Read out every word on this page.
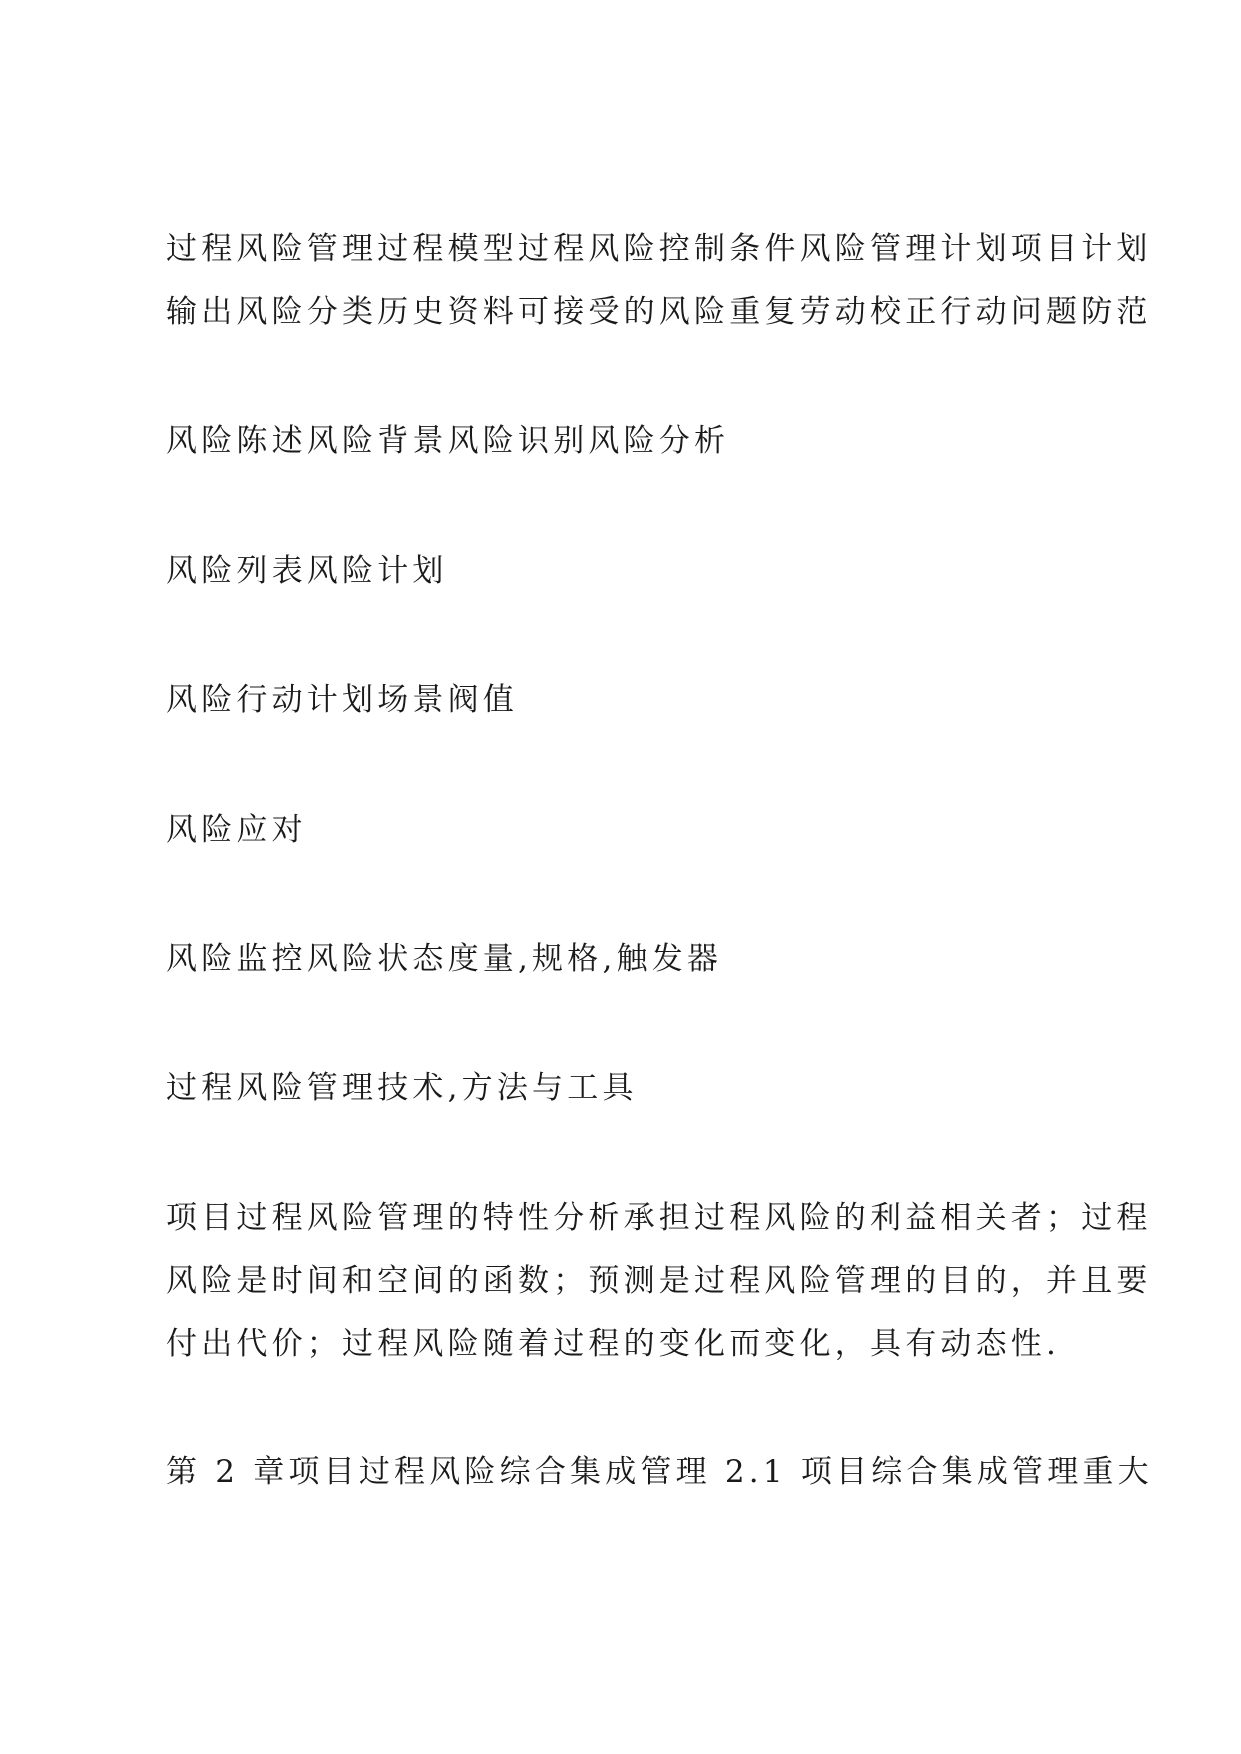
过程风险管理过程模型过程风险控制条件风险管理计划项目计划
输出风险分类历史资料可接受的风险重复劳动校正行动问题防范

风险陈述风险背景风险识别风险分析

风险列表风险计划

风险行动计划场景阀值

风险应对

风险监控风险状态度量,规格,触发器

过程风险管理技术,方法与工具

项目过程风险管理的特性分析承担过程风险的利益相关者；过程
风险是时间和空间的函数；预测是过程风险管理的目的，并且要
付出代价；过程风险随着过程的变化而变化，具有动态性.

第 2 章项目过程风险综合集成管理 2.1 项目综合集成管理重大
